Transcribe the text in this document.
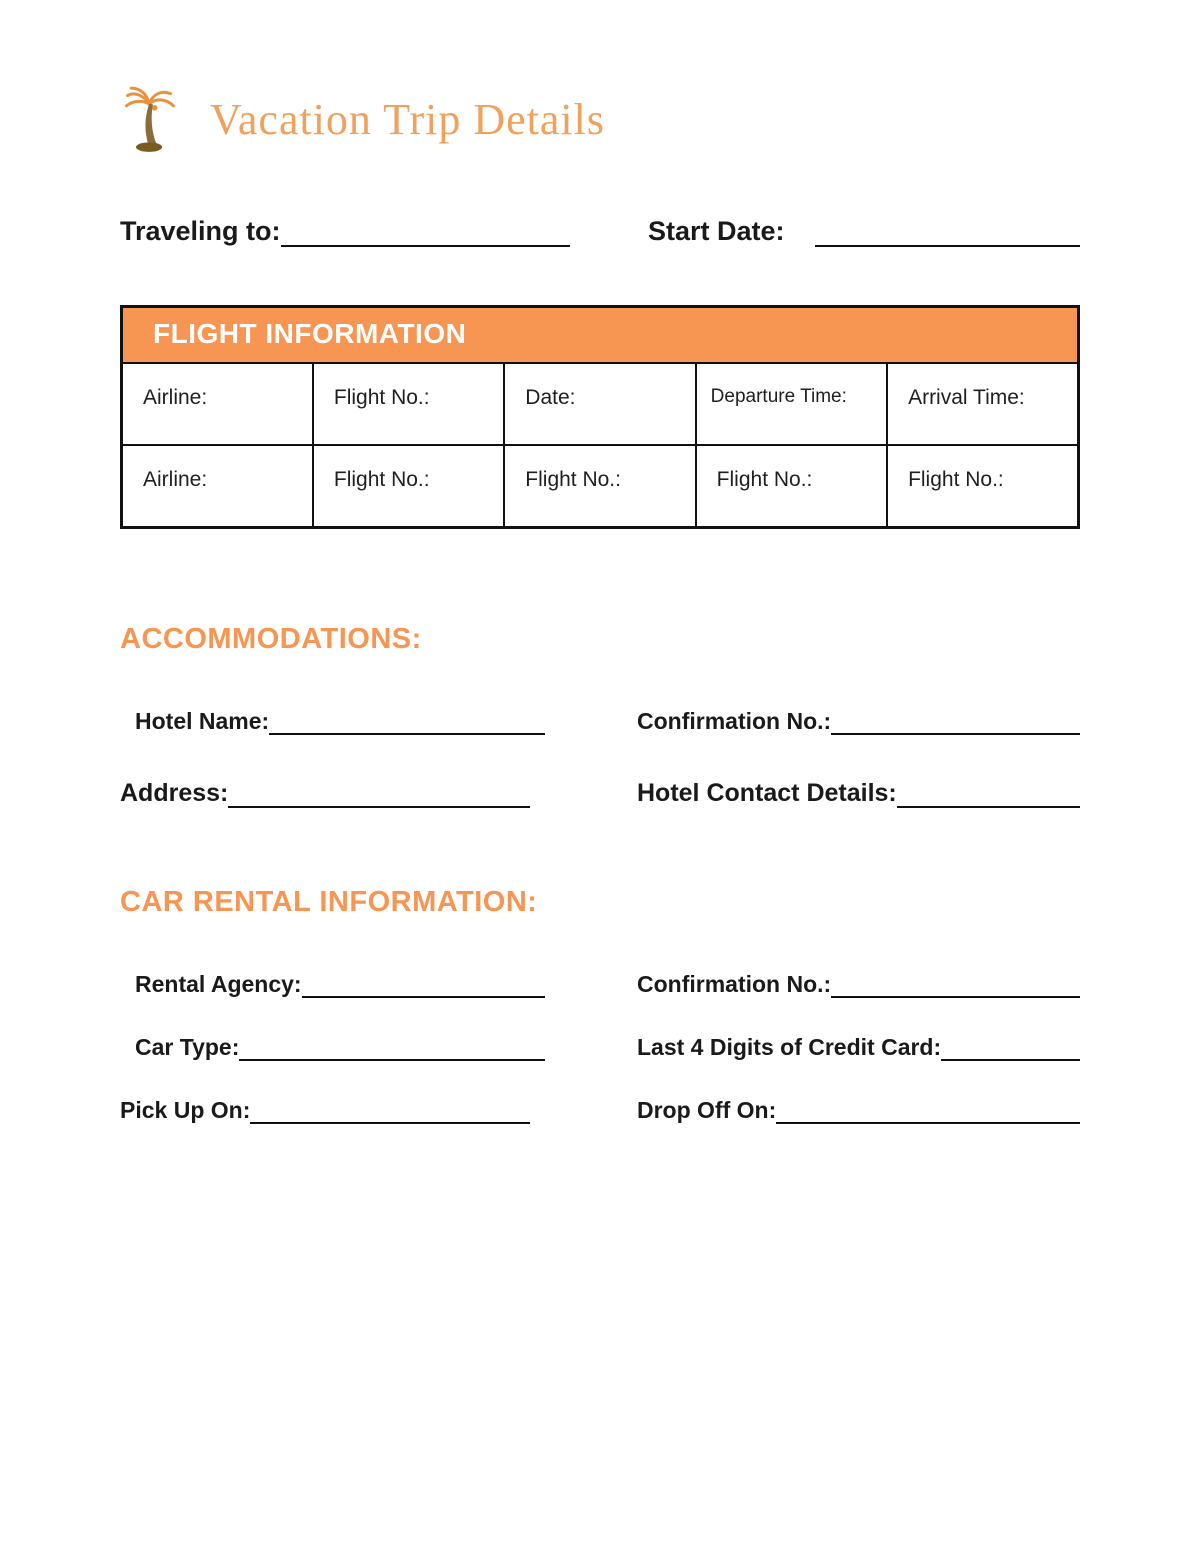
Vacation Trip Details
Traveling to:	Start Date:
FLIGHT INFORMATION				
Airline:	Flight No.:	Date:	Departure Time:	Arrival Time:
Airline:	Flight No.:	Flight No.:	Flight No.:	Flight No.:
ACCOMMODATIONS:
Hotel Name:	Confirmation No.:
Address:	Hotel Contact Details:
CAR RENTAL INFORMATION:
Rental Agency:	Confirmation No.:
Car Type:	Last 4 Digits of Credit Card:
Pick Up On:	Drop Off On:
